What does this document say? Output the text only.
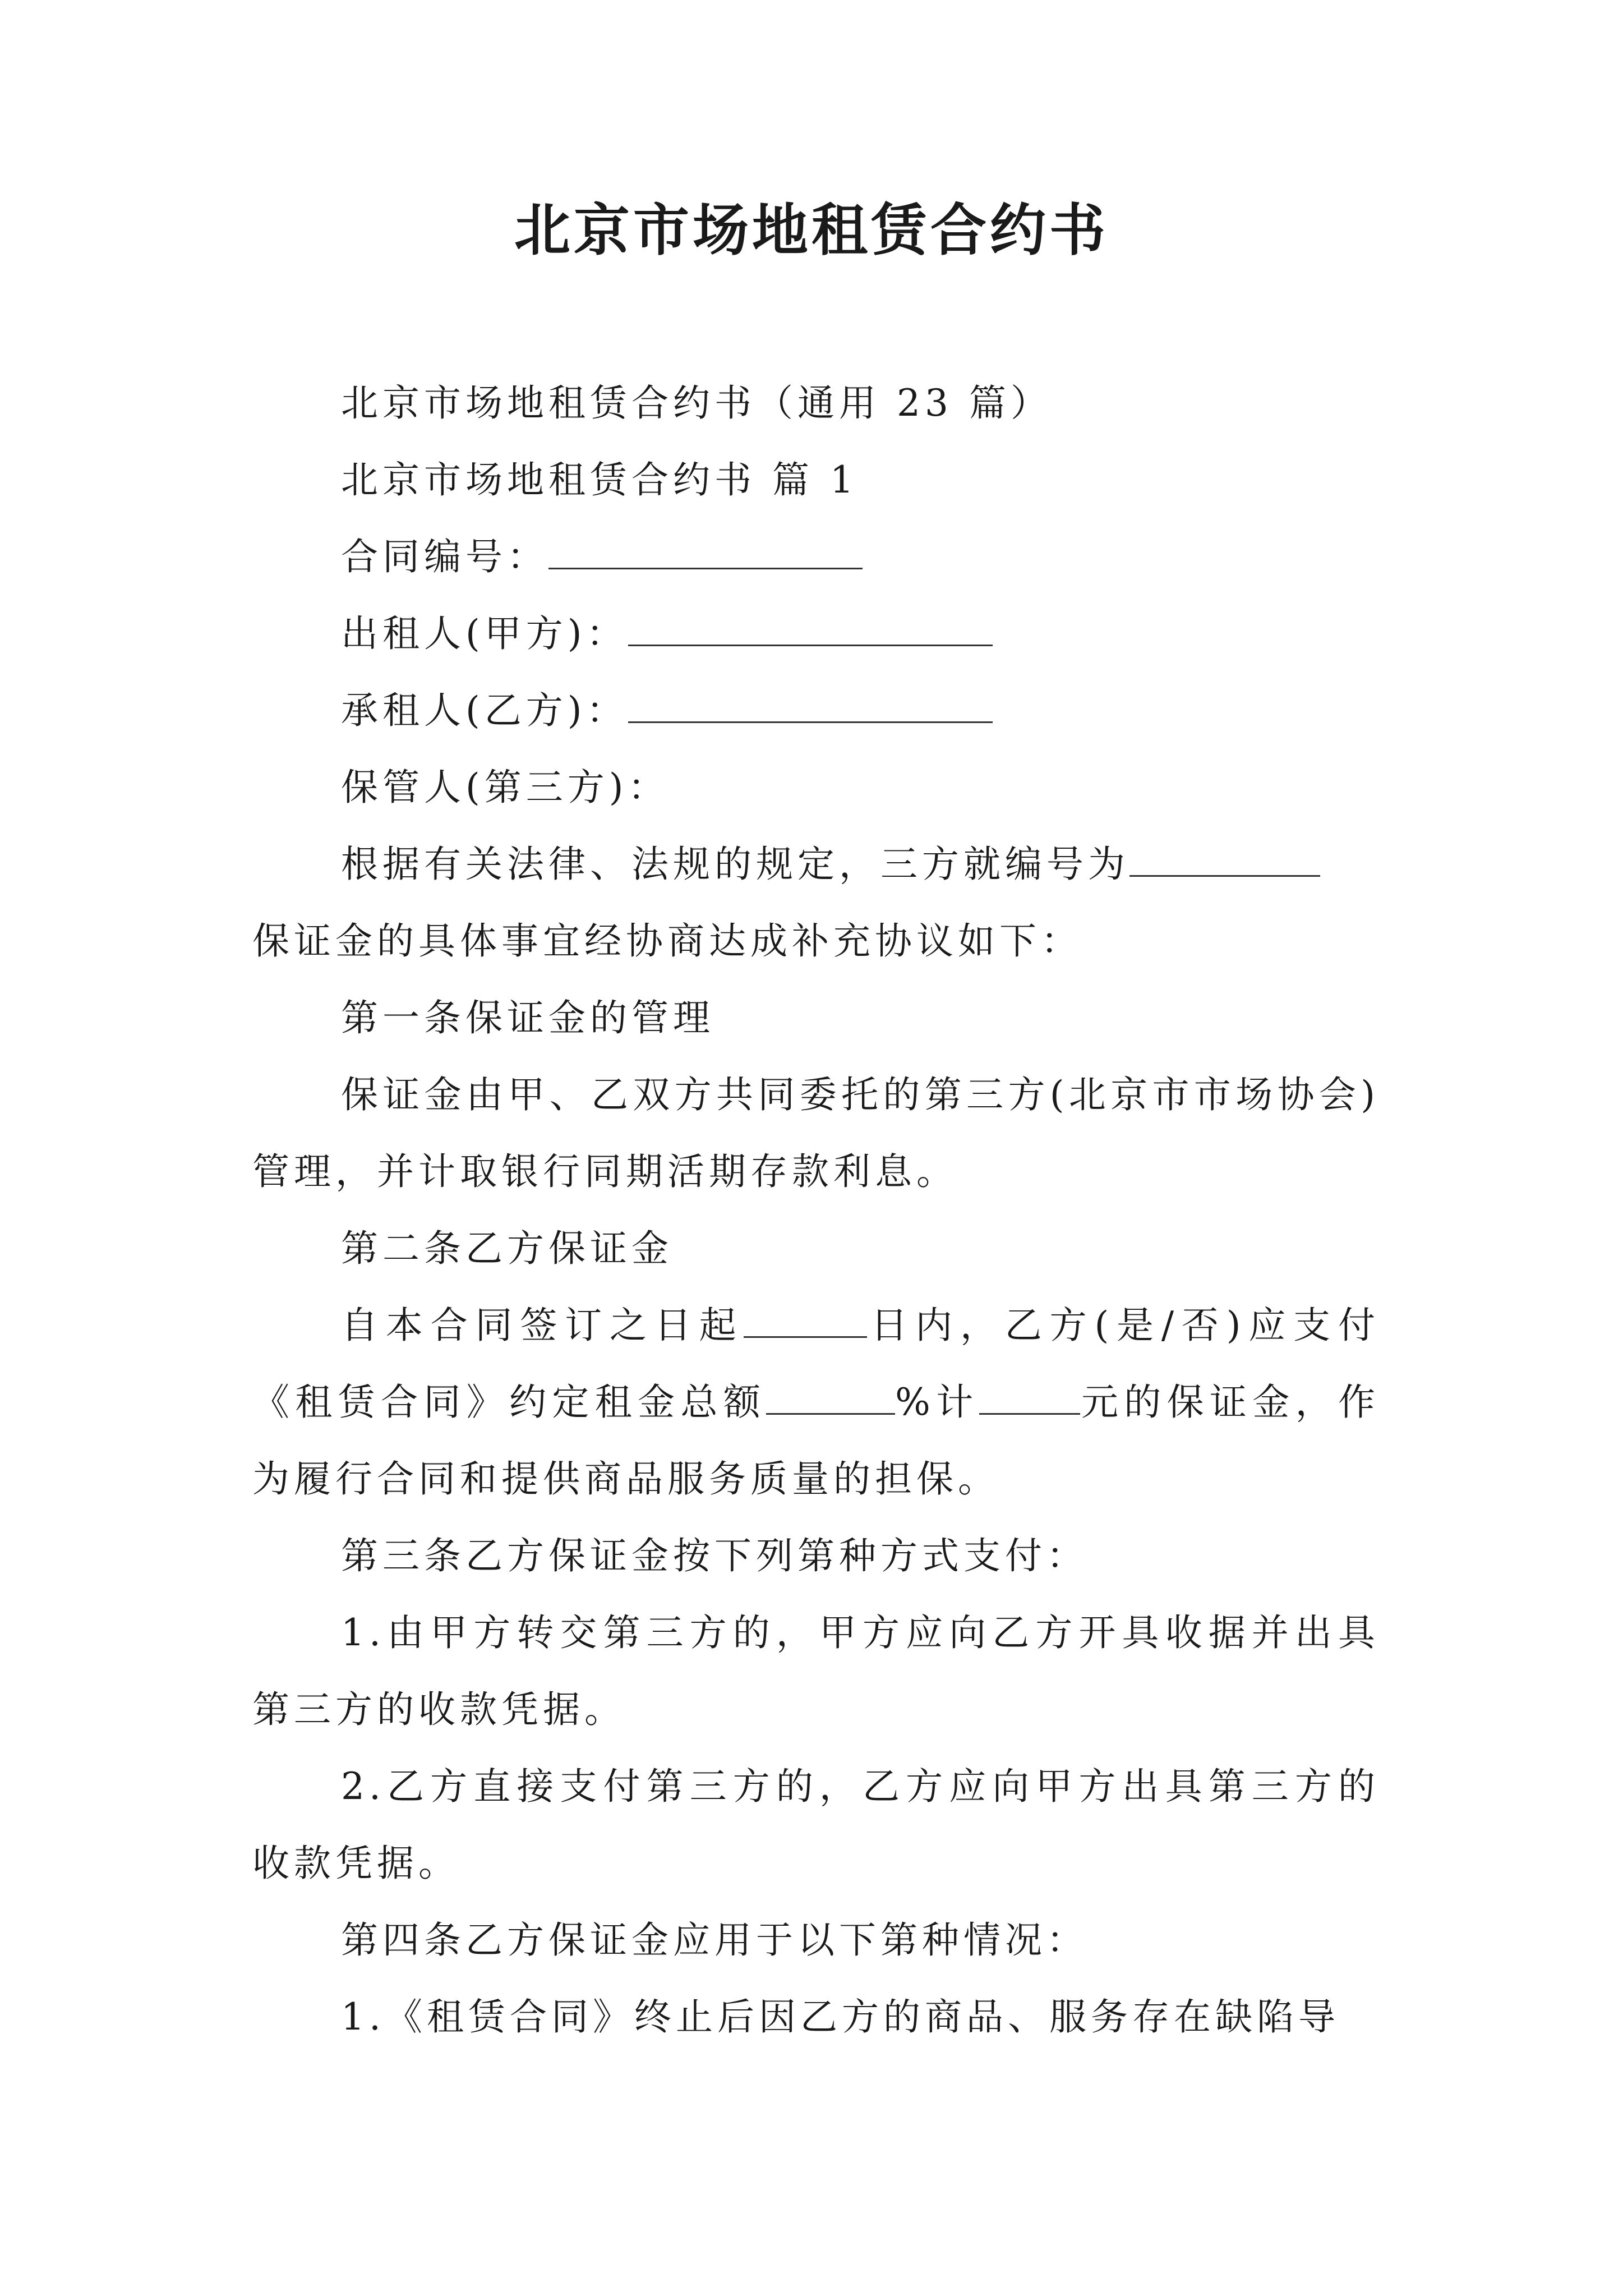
北京市场地租赁合约书

北京市场地租赁合约书（通用 23 篇）

北京市场地租赁合约书 篇 1

合同编号：

出租人(甲方)：

承租人(乙方)：

保管人(第三方)：

根据有关法律、法规的规定，三方就编号为

保证金的具体事宜经协商达成补充协议如下：

第一条保证金的管理

保证金由甲、乙双方共同委托的第三方(北京市市场协会)管理，并计取银行同期活期存款利息。

第二条乙方保证金

自本合同签订之日起	日内，乙方(是/否)应支付《租赁合同》约定租金总额	%计	元的保证金，作为履行合同和提供商品服务质量的担保。

第三条乙方保证金按下列第种方式支付：

1.由甲方转交第三方的，甲方应向乙方开具收据并出具第三方的收款凭据。

2.乙方直接支付第三方的，乙方应向甲方出具第三方的收款凭据。

第四条乙方保证金应用于以下第种情况：

1.《租赁合同》终止后因乙方的商品、服务存在缺陷导
